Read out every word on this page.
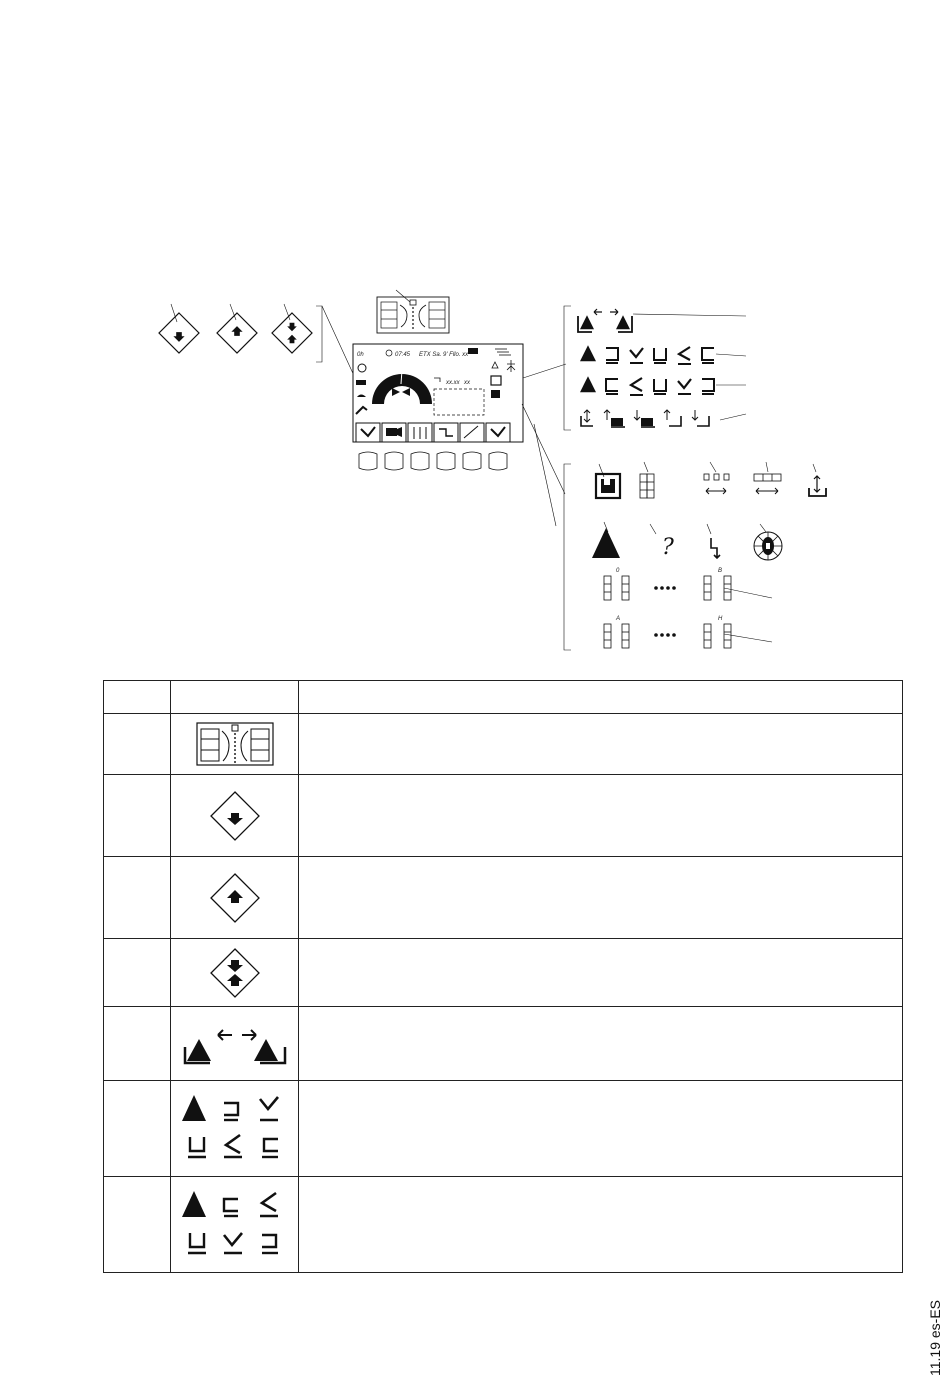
0h	07:45 ETX Sa. 9' Fllo. xx
xx.xx xx
?
0	B
A	H

11.19 es-ES
